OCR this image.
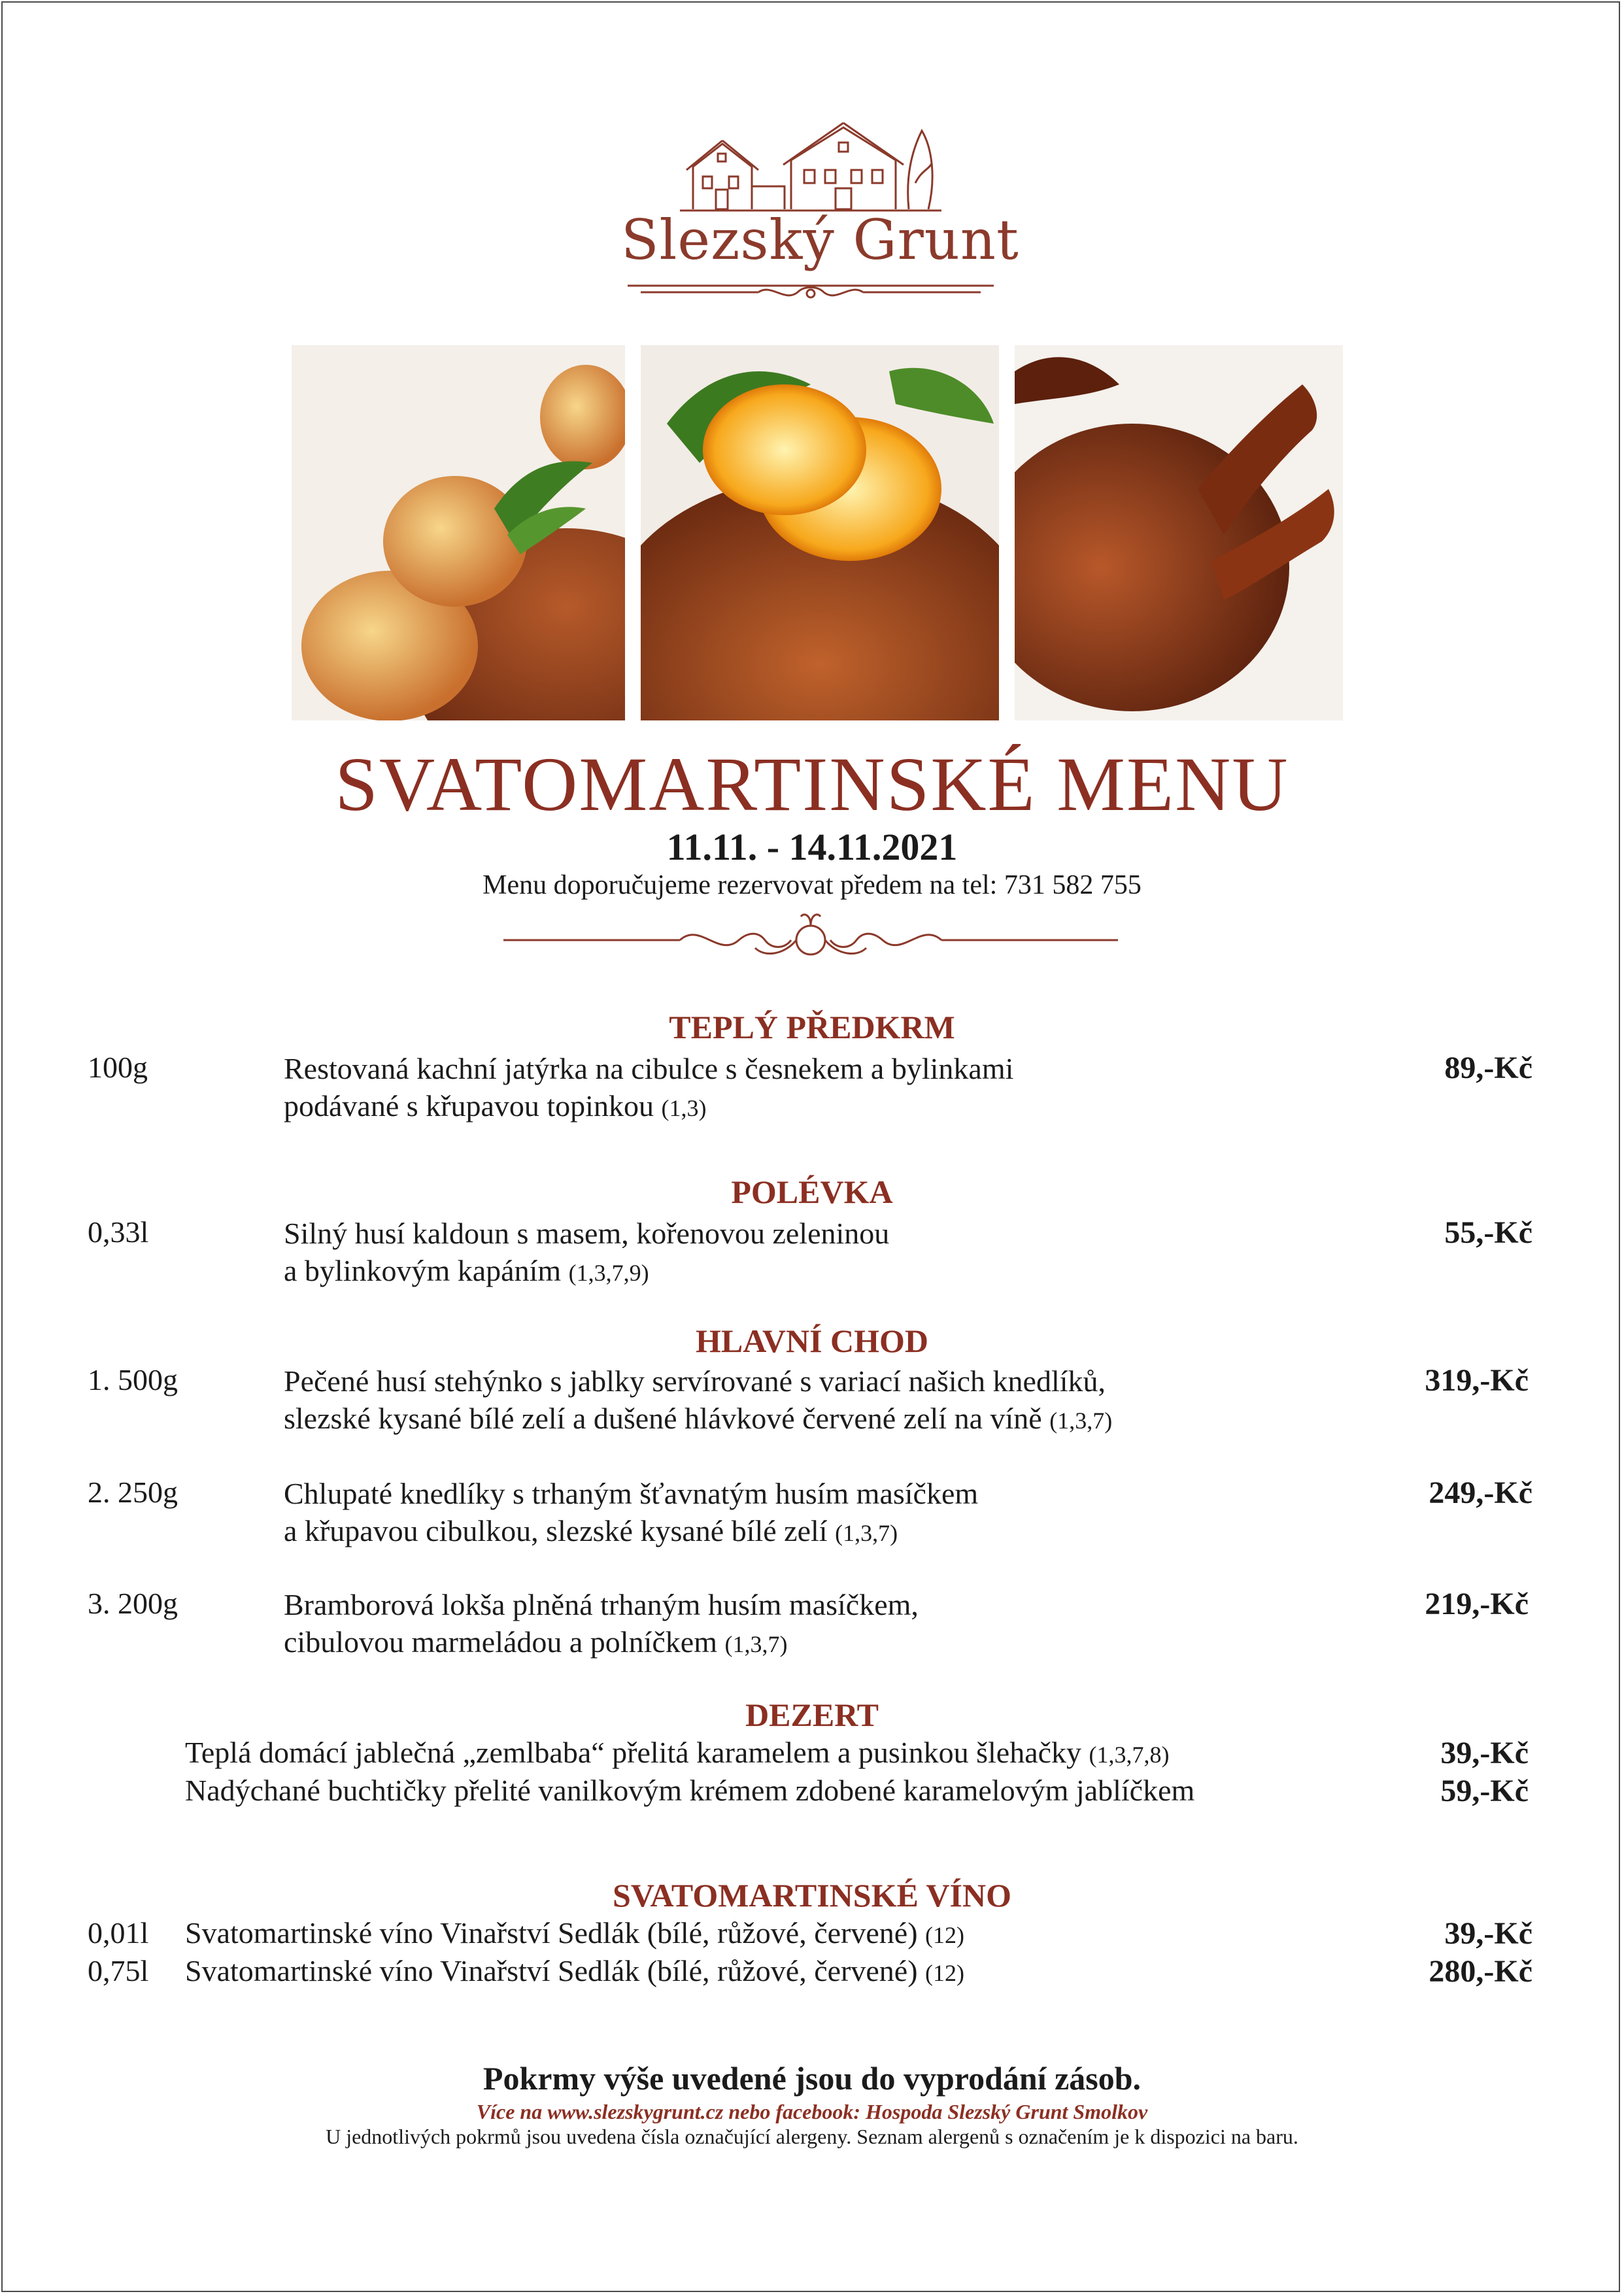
Slezský Grunt
SVATOMARTINSKÉ MENU
11.11. - 14.11.2021
Menu doporučujeme rezervovat předem na tel: 731 582 755
TEPLÝ PŘEDKRM
100g	Restovaná kachní jatýrka na cibulce s česnekem a bylinkami
podávané s křupavou topinkou (1,3)
89,-Kč
POLÉVKA
0,33l	Silný husí kaldoun s masem, kořenovou zeleninou
a bylinkovým kapáním (1,3,7,9)
55,-Kč
HLAVNÍ CHOD
1. 500g	Pečené husí stehýnko s jablky servírované s variací našich knedlíků,
slezské kysané bílé zelí a dušené hlávkové červené zelí na víně (1,3,7)
319,-Kč
2. 250g	Chlupaté knedlíky s trhaným šťavnatým husím masíčkem
a křupavou cibulkou, slezské kysané bílé zelí (1,3,7)
249,-Kč
3. 200g	Bramborová lokša plněná trhaným husím masíčkem,
cibulovou marmeládou a polníčkem (1,3,7)
219,-Kč
DEZERT
Teplá domácí jablečná „zemlbaba“ přelitá karamelem a pusinkou šlehačky (1,3,7,8)	39,-Kč
Nadýchané buchtičky přelité vanilkovým krémem zdobené karamelovým jablíčkem	59,-Kč
SVATOMARTINSKÉ VÍNO
0,01l Svatomartinské víno Vinařství Sedlák (bílé, růžové, červené) (12)	39,-Kč
0,75l Svatomartinské víno Vinařství Sedlák (bílé, růžové, červené) (12)	280,-Kč
Pokrmy výše uvedené jsou do vyprodání zásob.
Více na www.slezskygrunt.cz nebo facebook: Hospoda Slezský Grunt Smolkov
U jednotlivých pokrmů jsou uvedena čísla označující alergeny. Seznam alergenů s označením je k dispozici na baru.
